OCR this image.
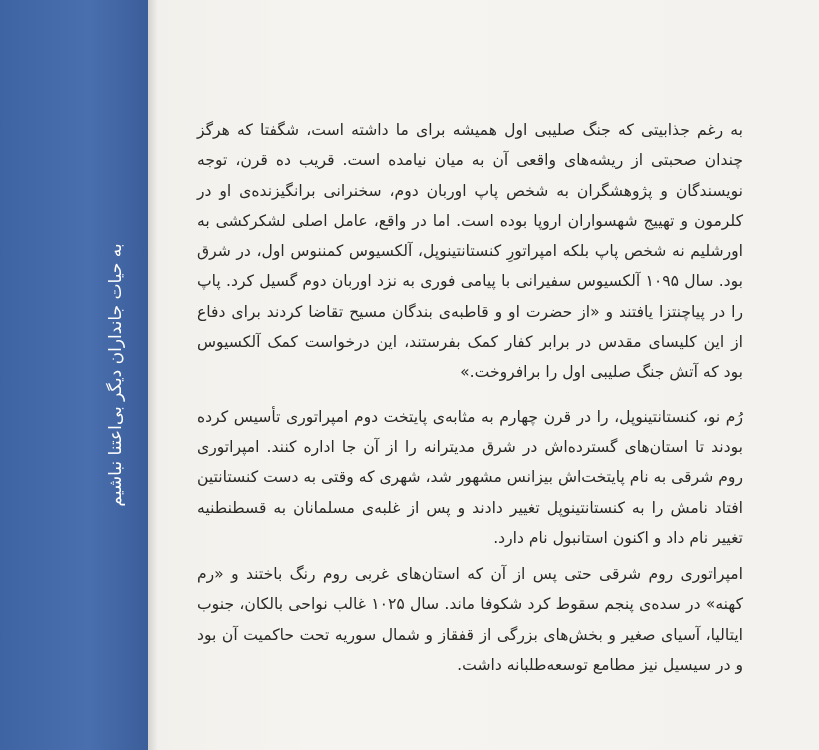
به حیات جانداران دیگر بی‌اعتنا نباشیم

به رغم جذابیتی که جنگ صلیبی اول همیشه برای ما داشته است، شگفتا که هرگز چندان صحبتی از ریشه‌های واقعی آن به میان نیامده است. قریب ده قرن، توجه نویسندگان و پژوهشگران به شخص پاپ اوربان دوم، سخنرانی برانگیزنده‌ی او در کلرمون و تهییج شهسواران اروپا بوده است. اما در واقع، عامل اصلی لشکرکشی به اورشلیم نه شخص پاپ بلکه امپراتورِ کنستانتینوپل، آلکسیوس کمننوس اول، در شرق بود. سال ۱۰۹۵ آلکسیوس سفیرانی با پیامی فوری به نزد اوربان دوم گسیل کرد. پاپ را در پیاچنتزا یافتند و «از حضرت او و قاطبه‌ی بندگان مسیح تقاضا کردند برای دفاع از این کلیسای مقدس در برابر کفار کمک بفرستند، این درخواست کمک آلکسیوس بود که آتش جنگ صلیبی اول را برافروخت.»

رُم نو، کنستانتینوپل، را در قرن چهارم به مثابه‌ی پایتخت دوم امپراتوری تأسیس کرده بودند تا استان‌های گسترده‌اش در شرق مدیترانه را از آن جا اداره کنند. امپراتوری روم شرقی به نام پایتخت‌اش بیزانس مشهور شد، شهری که وقتی به دست کنستانتین افتاد نامش را به کنستانتینوپل تغییر دادند و پس از غلبه‌ی مسلمانان به قسطنطنیه تغییر نام داد و اکنون استانبول نام دارد.

امپراتوری روم شرقی حتی پس از آن که استان‌های غربی روم رنگ باختند و «رم کهنه» در سده‌ی پنجم سقوط کرد شکوفا ماند. سال ۱۰۲۵ غالب نواحی بالکان، جنوب ایتالیا، آسیای صغیر و بخش‌های بزرگی از قفقاز و شمال سوریه تحت حاکمیت آن بود و در سیسیل نیز مطامع توسعه‌طلبانه داشت.
